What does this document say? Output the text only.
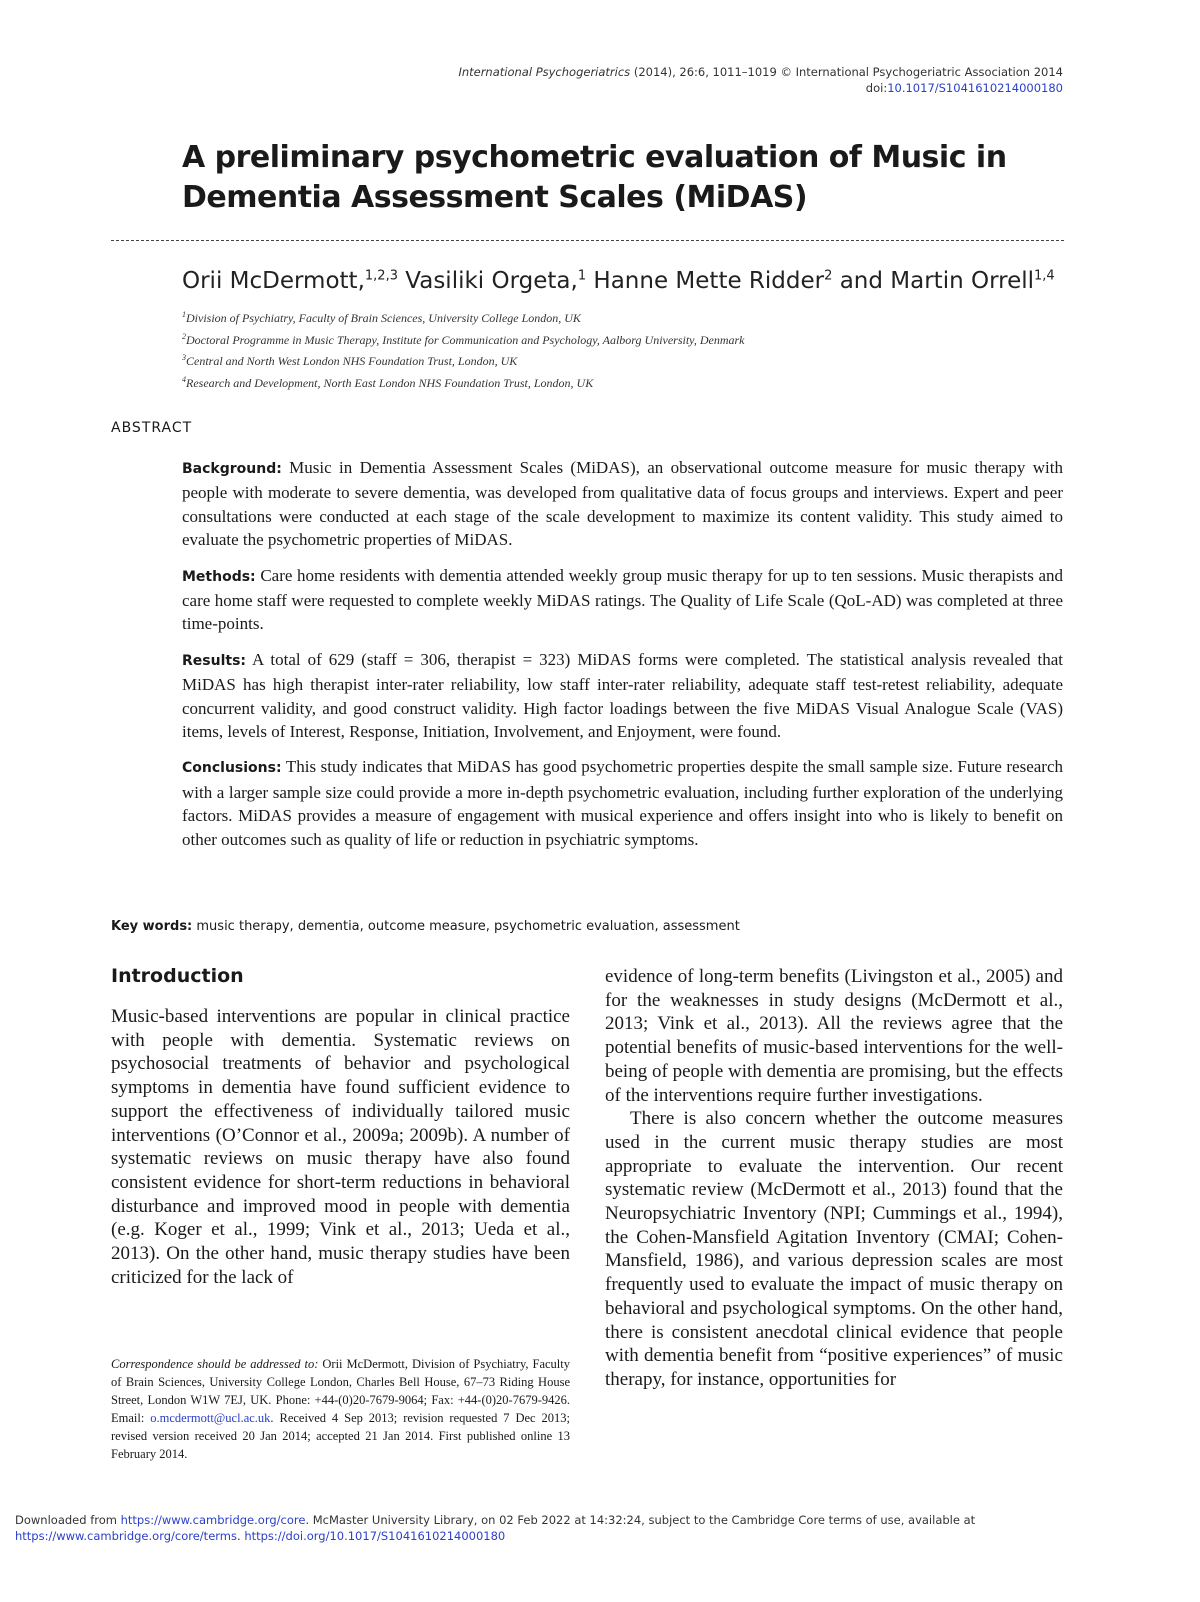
International Psychogeriatrics (2014), 26:6, 1011–1019 © International Psychogeriatric Association 2014
doi:10.1017/S1041610214000180
A preliminary psychometric evaluation of Music in Dementia Assessment Scales (MiDAS)
Orii McDermott,$^{1,2,3}$ Vasiliki Orgeta,$^1$ Hanne Mette Ridder$^2$ and Martin Orrell$^{1,4}$
$^1$Division of Psychiatry, Faculty of Brain Sciences, University College London, UK
$^2$Doctoral Programme in Music Therapy, Institute for Communication and Psychology, Aalborg University, Denmark
$^3$Central and North West London NHS Foundation Trust, London, UK
$^4$Research and Development, North East London NHS Foundation Trust, London, UK
ABSTRACT

Background: Music in Dementia Assessment Scales (MiDAS), an observational outcome measure for music therapy with people with moderate to severe dementia, was developed from qualitative data of focus groups and interviews. Expert and peer consultations were conducted at each stage of the scale development to maximize its content validity. This study aimed to evaluate the psychometric properties of MiDAS.

Methods: Care home residents with dementia attended weekly group music therapy for up to ten sessions. Music therapists and care home staff were requested to complete weekly MiDAS ratings. The Quality of Life Scale (QoL-AD) was completed at three time-points.

Results: A total of 629 (staff = 306, therapist = 323) MiDAS forms were completed. The statistical analysis revealed that MiDAS has high therapist inter-rater reliability, low staff inter-rater reliability, adequate staff test-retest reliability, adequate concurrent validity, and good construct validity. High factor loadings between the five MiDAS Visual Analogue Scale (VAS) items, levels of Interest, Response, Initiation, Involvement, and Enjoyment, were found.

Conclusions: This study indicates that MiDAS has good psychometric properties despite the small sample size. Future research with a larger sample size could provide a more in-depth psychometric evaluation, including further exploration of the underlying factors. MiDAS provides a measure of engagement with musical experience and offers insight into who is likely to benefit on other outcomes such as quality of life or reduction in psychiatric symptoms.

Key words: music therapy, dementia, outcome measure, psychometric evaluation, assessment
Introduction
Music-based interventions are popular in clinical practice with people with dementia. Systematic reviews on psychosocial treatments of behavior and psychological symptoms in dementia have found sufficient evidence to support the effectiveness of individually tailored music interventions (O’Connor et al., 2009a; 2009b). A number of systematic reviews on music therapy have also found consistent evidence for short-term reductions in behavioral disturbance and improved mood in people with dementia (e.g. Koger et al., 1999; Vink et al., 2013; Ueda et al., 2013). On the other hand, music therapy studies have been criticized for the lack of

evidence of long-term benefits (Livingston et al., 2005) and for the weaknesses in study designs (McDermott et al., 2013; Vink et al., 2013). All the reviews agree that the potential benefits of music-based interventions for the well-being of people with dementia are promising, but the effects of the interventions require further investigations.

There is also concern whether the outcome measures used in the current music therapy studies are most appropriate to evaluate the intervention. Our recent systematic review (McDermott et al., 2013) found that the Neuropsychiatric Inventory (NPI; Cummings et al., 1994), the Cohen-Mansfield Agitation Inventory (CMAI; Cohen-Mansfield, 1986), and various depression scales are most frequently used to evaluate the impact of music therapy on behavioral and psychological symptoms. On the other hand, there is consistent anecdotal clinical evidence that people with dementia benefit from “positive experiences” of music therapy, for instance, opportunities for

Correspondence should be addressed to: Orii McDermott, Division of Psychiatry, Faculty of Brain Sciences, University College London, Charles Bell House, 67–73 Riding House Street, London W1W 7EJ, UK. Phone: +44-(0)20-7679-9064; Fax: +44-(0)20-7679-9426. Email: o.mcdermott@ucl.ac.uk. Received 4 Sep 2013; revision requested 7 Dec 2013; revised version received 20 Jan 2014; accepted 21 Jan 2014. First published online 13 February 2014.
Downloaded from https://www.cambridge.org/core. McMaster University Library, on 02 Feb 2022 at 14:32:24, subject to the Cambridge Core terms of use, available at
https://www.cambridge.org/core/terms. https://doi.org/10.1017/S1041610214000180
